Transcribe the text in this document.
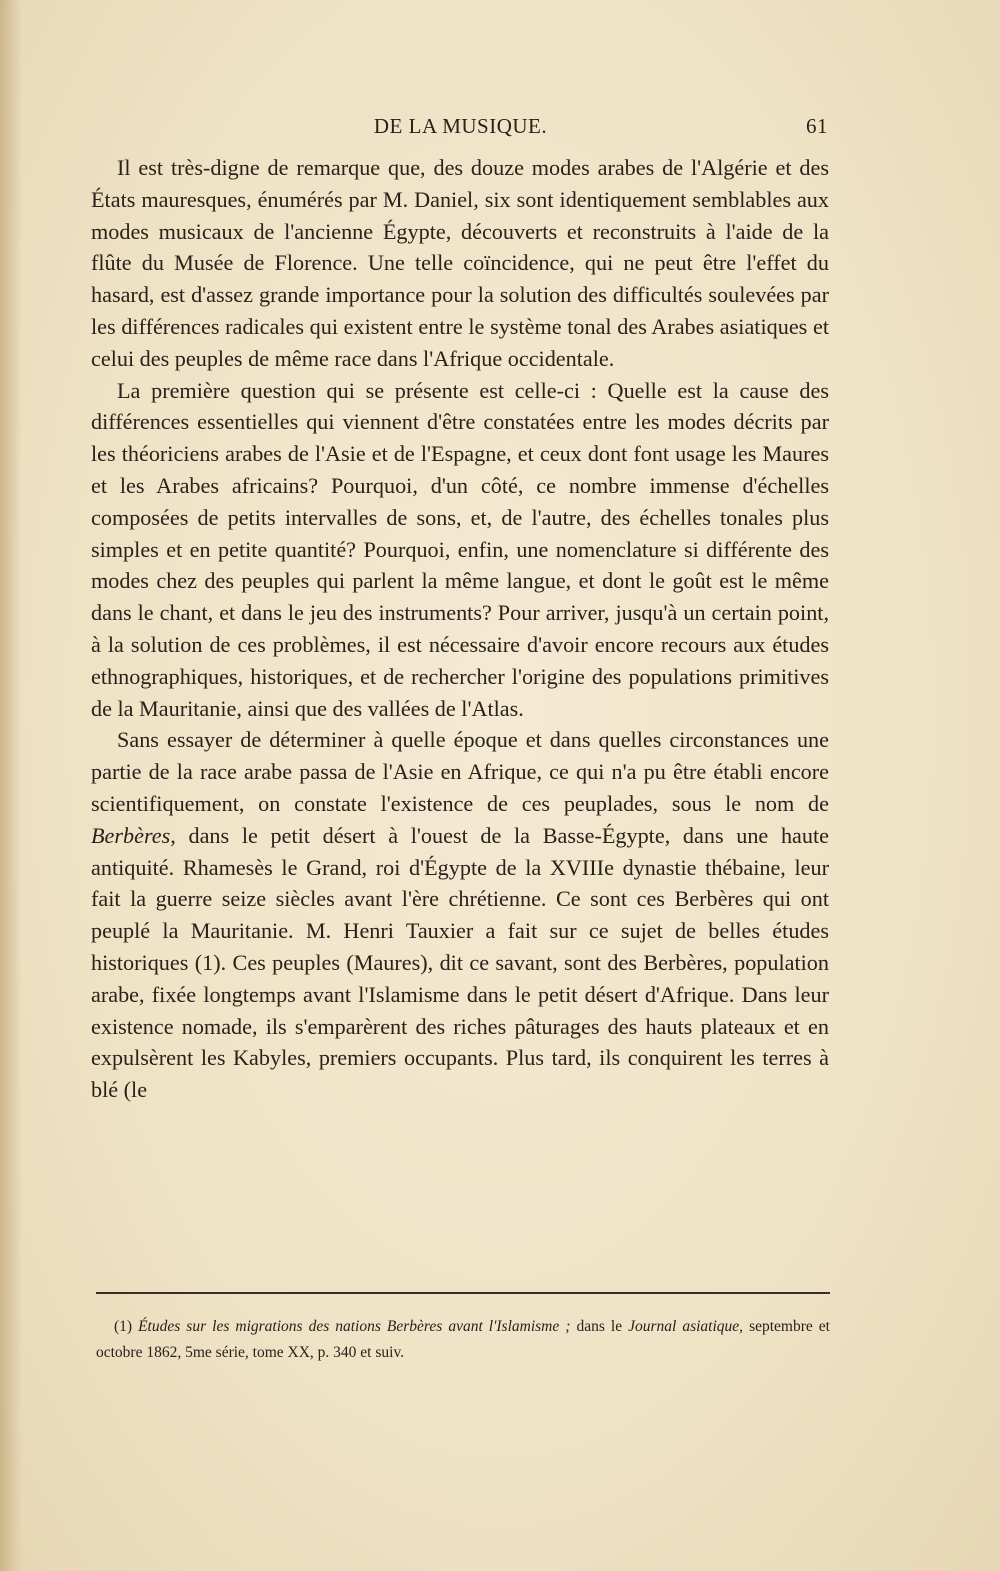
DE LA MUSIQUE.	61

Il est très-digne de remarque que, des douze modes arabes de l'Algérie et des États mauresques, énumérés par M. Daniel, six sont identiquement semblables aux modes musicaux de l'ancienne Égypte, découverts et reconstruits à l'aide de la flûte du Musée de Florence. Une telle coïncidence, qui ne peut être l'effet du hasard, est d'assez grande importance pour la solution des difficultés soulevées par les différences radicales qui existent entre le système tonal des Arabes asiatiques et celui des peuples de même race dans l'Afrique occidentale.

La première question qui se présente est celle-ci : Quelle est la cause des différences essentielles qui viennent d'être constatées entre les modes décrits par les théoriciens arabes de l'Asie et de l'Espagne, et ceux dont font usage les Maures et les Arabes africains? Pourquoi, d'un côté, ce nombre immense d'échelles composées de petits intervalles de sons, et, de l'autre, des échelles tonales plus simples et en petite quantité? Pourquoi, enfin, une nomenclature si différente des modes chez des peuples qui parlent la même langue, et dont le goût est le même dans le chant, et dans le jeu des instruments? Pour arriver, jusqu'à un certain point, à la solution de ces problèmes, il est nécessaire d'avoir encore recours aux études ethnographiques, historiques, et de rechercher l'origine des populations primitives de la Mauritanie, ainsi que des vallées de l'Atlas.

Sans essayer de déterminer à quelle époque et dans quelles circonstances une partie de la race arabe passa de l'Asie en Afrique, ce qui n'a pu être établi encore scientifiquement, on constate l'existence de ces peuplades, sous le nom de Berbères, dans le petit désert à l'ouest de la Basse-Égypte, dans une haute antiquité. Rhamesès le Grand, roi d'Égypte de la XVIIIe dynastie thébaine, leur fait la guerre seize siècles avant l'ère chrétienne. Ce sont ces Berbères qui ont peuplé la Mauritanie. M. Henri Tauxier a fait sur ce sujet de belles études historiques (1). Ces peuples (Maures), dit ce savant, sont des Berbères, population arabe, fixée longtemps avant l'Islamisme dans le petit désert d'Afrique. Dans leur existence nomade, ils s'emparèrent des riches pâturages des hauts plateaux et en expulsèrent les Kabyles, premiers occupants. Plus tard, ils conquirent les terres à blé (le

(1) Études sur les migrations des nations Berbères avant l'Islamisme ; dans le Journal asiatique, septembre et octobre 1862, 5me série, tome XX, p. 340 et suiv.
